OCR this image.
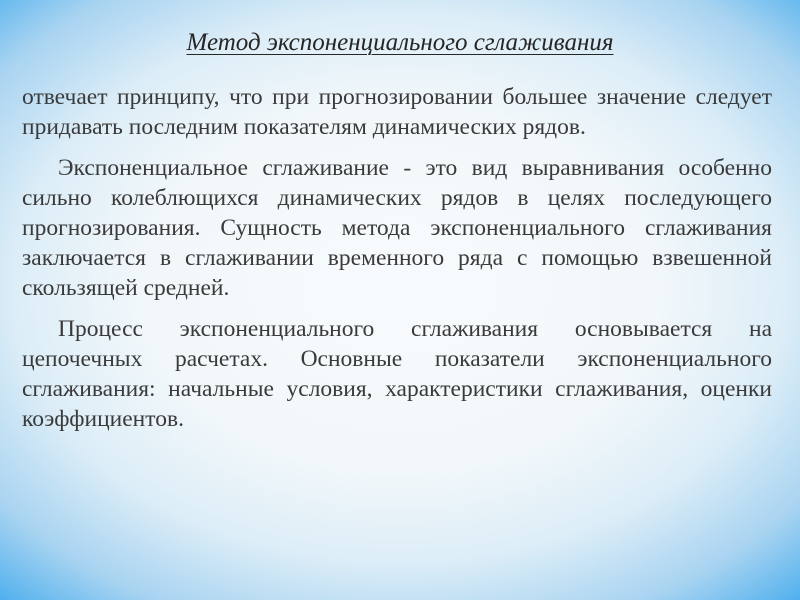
Метод экспоненциального сглаживания

отвечает принципу, что при прогнозировании большее значение следует придавать последним показателям динамических рядов.

Экспоненциальное сглаживание - это вид выравнивания особенно сильно колеблющихся динамических рядов в целях последующего прогнозирования. Сущность метода экспоненциального сглаживания заключается в сглаживании временного ряда с помощью взвешенной скользящей средней.

Процесс экспоненциального сглаживания основывается на цепочечных расчетах. Основные показатели экспоненциального сглаживания: начальные условия, характеристики сглаживания, оценки коэффициентов.
